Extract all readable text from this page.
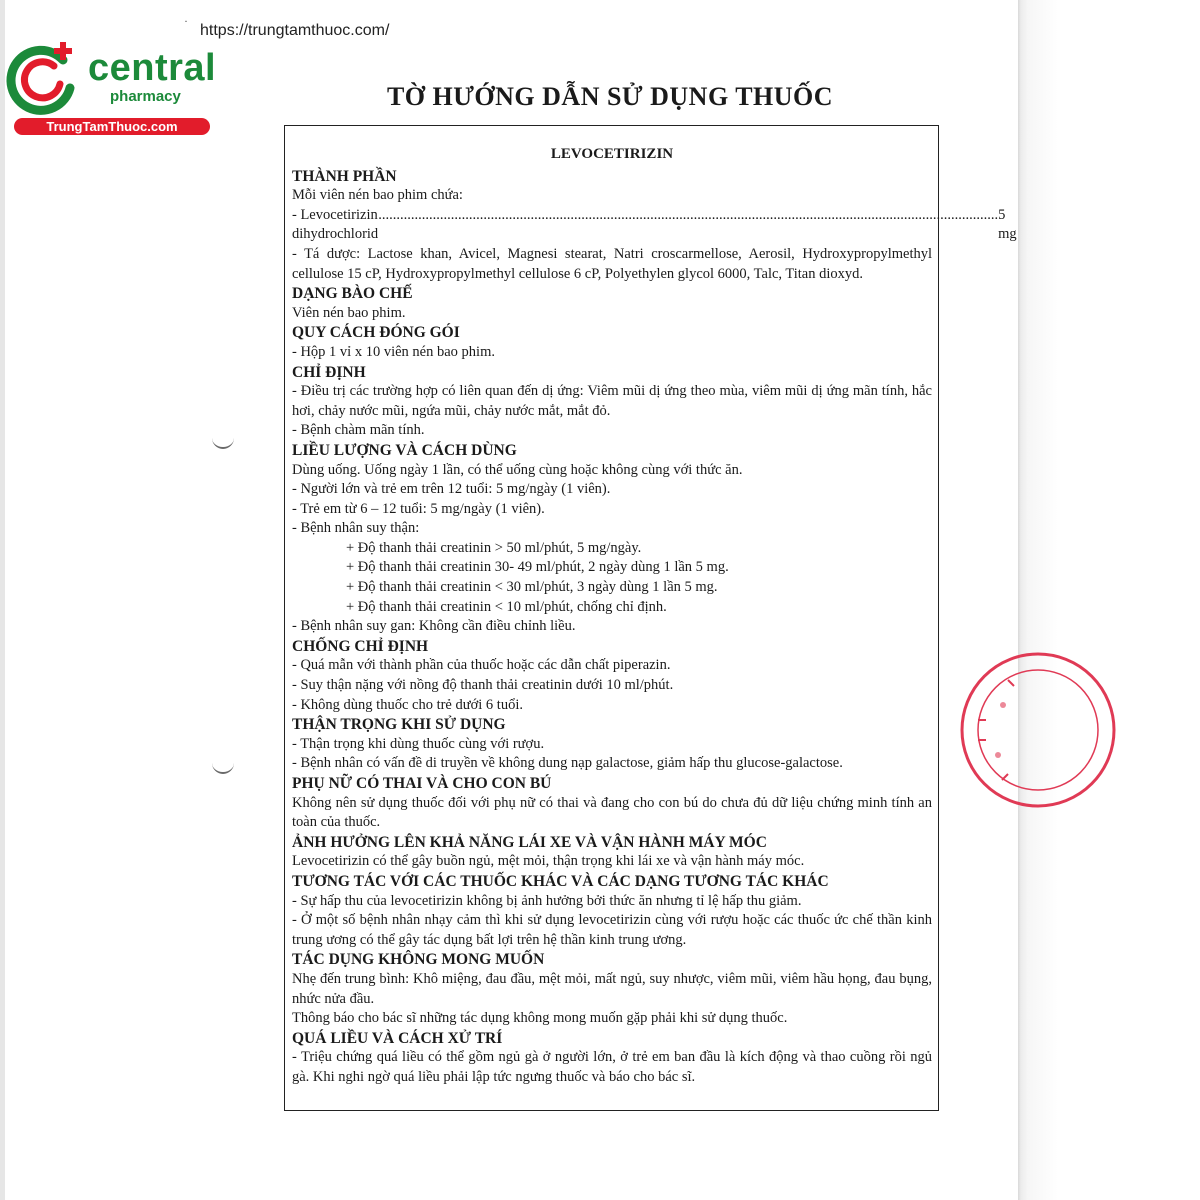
·
https://trungtamthuoc.com/
central
pharmacy
TrungTamThuoc.com
TỜ HƯỚNG DẪN SỬ DỤNG THUỐC
LEVOCETIRIZIN
THÀNH PHẦN
Mỗi viên nén bao phim chứa:
- Levocetirizin dihydrochlorid
........................................................................................................................................................................... 5 mg
- Tá dược: Lactose khan, Avicel, Magnesi stearat, Natri croscarmellose, Aerosil, Hydroxypropylmethyl cellulose 15 cP, Hydroxypropylmethyl cellulose 6 cP, Polyethylen glycol 6000, Talc, Titan dioxyd.
DẠNG BÀO CHẾ
Viên nén bao phim.
QUY CÁCH ĐÓNG GÓI
- Hộp 1 vỉ x 10 viên nén bao phim.
CHỈ ĐỊNH
- Điều trị các trường hợp có liên quan đến dị ứng: Viêm mũi dị ứng theo mùa, viêm mũi dị ứng mãn tính, hắc hơi, chảy nước mũi, ngứa mũi, chảy nước mắt, mắt đỏ.
- Bệnh chàm mãn tính.
LIỀU LƯỢNG VÀ CÁCH DÙNG
Dùng uống. Uống ngày 1 lần, có thể uống cùng hoặc không cùng với thức ăn.
- Người lớn và trẻ em trên 12 tuổi: 5 mg/ngày (1 viên).
- Trẻ em từ 6 – 12 tuổi: 5 mg/ngày (1 viên).
- Bệnh nhân suy thận:
+ Độ thanh thải creatinin > 50 ml/phút, 5 mg/ngày.
+ Độ thanh thải creatinin 30- 49 ml/phút, 2 ngày dùng 1 lần 5 mg.
+ Độ thanh thải creatinin < 30 ml/phút, 3 ngày dùng 1 lần 5 mg.
+ Độ thanh thải creatinin < 10 ml/phút, chống chỉ định.
- Bệnh nhân suy gan: Không cần điều chỉnh liều.
CHỐNG CHỈ ĐỊNH
- Quá mẫn với thành phần của thuốc hoặc các dẫn chất piperazin.
- Suy thận nặng với nồng độ thanh thải creatinin dưới 10 ml/phút.
- Không dùng thuốc cho trẻ dưới 6 tuổi.
THẬN TRỌNG KHI SỬ DỤNG
- Thận trọng khi dùng thuốc cùng với rượu.
- Bệnh nhân có vấn đề di truyền về không dung nạp galactose, giảm hấp thu glucose-galactose.
PHỤ NỮ CÓ THAI VÀ CHO CON BÚ
Không nên sử dụng thuốc đối với phụ nữ có thai và đang cho con bú do chưa đủ dữ liệu chứng minh tính an toàn của thuốc.
ẢNH HƯỞNG LÊN KHẢ NĂNG LÁI XE VÀ VẬN HÀNH MÁY MÓC
Levocetirizin có thể gây buồn ngủ, mệt mỏi, thận trọng khi lái xe và vận hành máy móc.
TƯƠNG TÁC VỚI CÁC THUỐC KHÁC VÀ CÁC DẠNG TƯƠNG TÁC KHÁC
- Sự hấp thu của levocetirizin không bị ảnh hưởng bởi thức ăn nhưng tỉ lệ hấp thu giảm.
- Ở một số bệnh nhân nhạy cảm thì khi sử dụng levocetirizin cùng với rượu hoặc các thuốc ức chế thần kinh trung ương có thể gây tác dụng bất lợi trên hệ thần kinh trung ương.
TÁC DỤNG KHÔNG MONG MUỐN
Nhẹ đến trung bình: Khô miệng, đau đầu, mệt mỏi, mất ngủ, suy nhược, viêm mũi, viêm hầu họng, đau bụng, nhức nửa đầu.
Thông báo cho bác sĩ những tác dụng không mong muốn gặp phải khi sử dụng thuốc.
QUÁ LIỀU VÀ CÁCH XỬ TRÍ
- Triệu chứng quá liều có thể gồm ngủ gà ở người lớn, ở trẻ em ban đầu là kích động và thao cuồng rồi ngủ gà. Khi nghi ngờ quá liều phải lập tức ngưng thuốc và báo cho bác sĩ.
